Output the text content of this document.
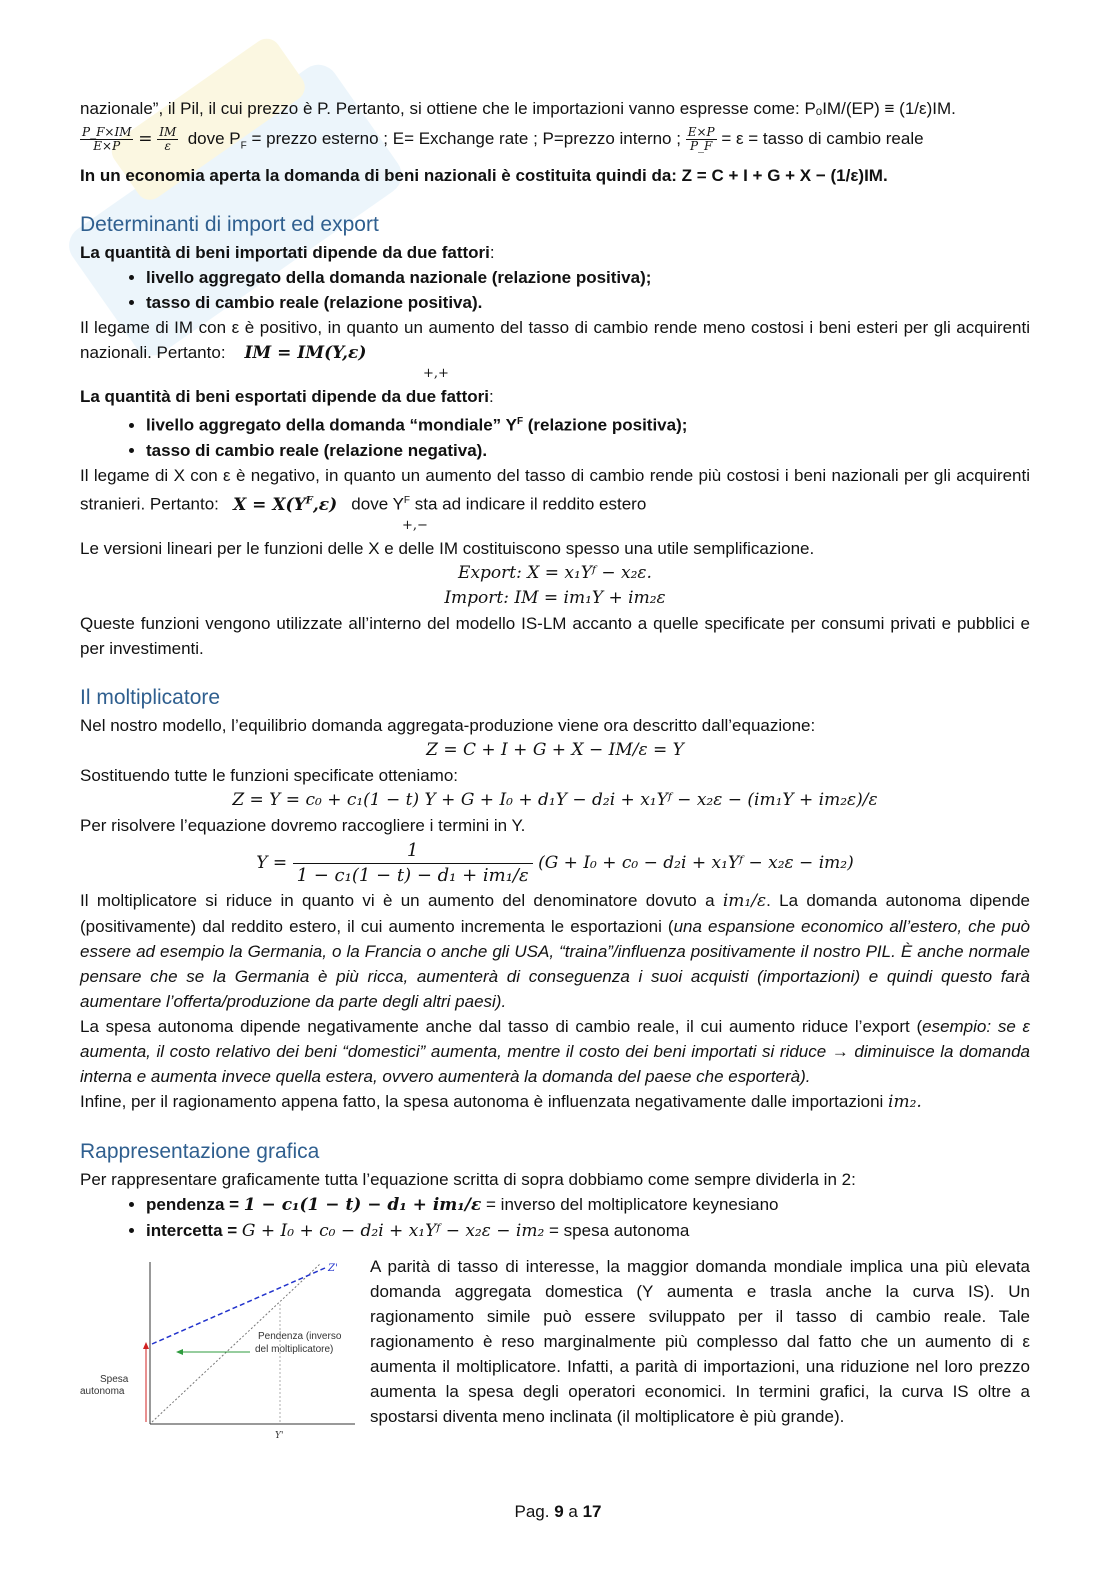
nazionale”, il Pil, il cui prezzo è P. Pertanto, si ottiene che le importazioni vanno espresse come: PₒIM/(EP) ≡ (1/ε)IM.

$\frac{P\_F\times IM}{E\times P} = \frac{IM}{\varepsilon}$ dove $P_F$ = prezzo esterno ; E= Exchange rate ; P=prezzo interno ; $\frac{E\times P}{P\_F} = \varepsilon$ = tasso di cambio reale

In un economia aperta la domanda di beni nazionali è costituita quindi da: Z = C + I + G + X − (1/ε)IM.

Determinanti di import ed export

La quantità di beni importati dipende da due fattori:

• livello aggregato della domanda nazionale (relazione positiva);
• tasso di cambio reale (relazione positiva).

Il legame di IM con ε è positivo, in quanto un aumento del tasso di cambio rende meno costosi i beni esteri per gli acquirenti nazionali. Pertanto: IM = IM(Y,ε)

+,+

La quantità di beni esportati dipende da due fattori:

• livello aggregato della domanda “mondiale” $Y^F$ (relazione positiva);
• tasso di cambio reale (relazione negativa).

Il legame di X con ε è negativo, in quanto un aumento del tasso di cambio rende più costosi i beni nazionali per gli acquirenti stranieri. Pertanto: $X = X(Y^F,\varepsilon)$ dove $Y^F$ sta ad indicare il reddito estero

+,−

Le versioni lineari per le funzioni delle X e delle IM costituiscono spesso una utile semplificazione.

Export: X = x₁Yᶠ − x₂ε.

Import: IM = im₁Y + im₂ε

Queste funzioni vengono utilizzate all’interno del modello IS-LM accanto a quelle specificate per consumi privati e pubblici e per investimenti.

Il moltiplicatore

Nel nostro modello, l’equilibrio domanda aggregata-produzione viene ora descritto dall’equazione:

Z = C + I + G + X − IM/ε = Y

Sostituendo tutte le funzioni specificate otteniamo:

Z = Y = c₀ + c₁(1 − t) Y + G + I₀ + d₁Y − d₂i + x₁Yᶠ − x₂ε − (im₁Y + im₂ε)/ε

Per risolvere l’equazione dovremo raccogliere i termini in Y.

$Y = \frac{1}{\text{1 − c₁(1 − t) − d₁ + im₁/ε}} (G + I_0 + c_0 - d_2i$ + x₁Yᶠ − x₂ε − im₂)

Il moltiplicatore si riduce in quanto vi è un aumento del denominatore dovuto a im₁/ε. La domanda autonoma dipende (positivamente) dal reddito estero, il cui aumento incrementa le esportazioni (una espansione economico all’estero, che può essere ad esempio la Germania, o la Francia o anche gli USA, “traina”/influenza positivamente il nostro PIL. È anche normale pensare che se la Germania è più ricca, aumenterà di conseguenza i suoi acquisti (importazioni) e quindi questo farà aumentare l’offerta/produzione da parte degli altri paesi).

La spesa autonoma dipende negativamente anche dal tasso di cambio reale, il cui aumento riduce l’export (esempio: se ε aumenta, il costo relativo dei beni “domestici” aumenta, mentre il costo dei beni importati si riduce → diminuisce la domanda interna e aumenta invece quella estera, ovvero aumenterà la domanda del paese che esporterà).

Infine, per il ragionamento appena fatto, la spesa autonoma è influenzata negativamente dalle importazioni im₂.

Rappresentazione grafica

Per rappresentare graficamente tutta l’equazione scritta di sopra dobbiamo come sempre dividerla in 2:

• pendenza = 1 − c₁(1 − t) − d₁ + im₁/ε = inverso del moltiplicatore keynesiano
• intercetta = G + I₀ + c₀ − d₂i + x₁Yᶠ − x₂ε − im₂ = spesa autonoma
Z'
Pendenza (inverso
del moltiplicatore)
Spesa
autonoma
Y'

A parità di tasso di interesse, la maggior domanda mondiale implica una più elevata domanda aggregata domestica (Y aumenta e trasla anche la curva IS). Un ragionamento simile può essere sviluppato per il tasso di cambio reale. Tale ragionamento è reso marginalmente più complesso dal fatto che un aumento di ε aumenta il moltiplicatore. Infatti, a parità di importazioni, una riduzione nel loro prezzo aumenta la spesa degli operatori economici. In termini grafici, la curva IS oltre a spostarsi diventa meno inclinata (il moltiplicatore è più grande).

Pag. 9 a 17
